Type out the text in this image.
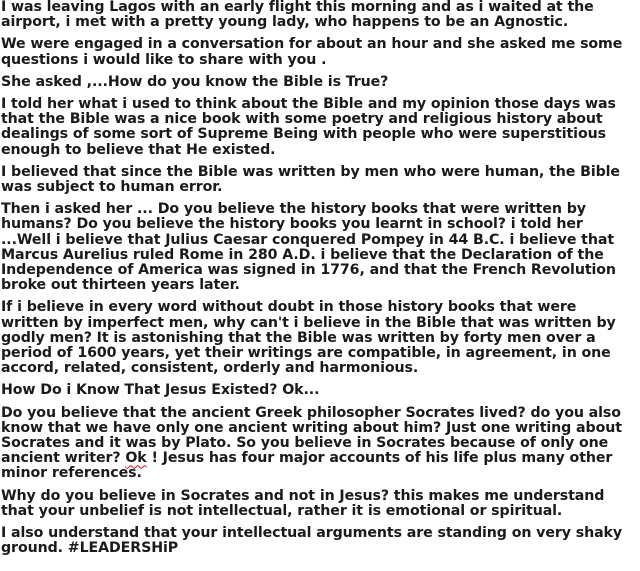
I was leaving Lagos with an early flight this morning and as i waited at the
airport, i met with a pretty young lady, who happens to be an Agnostic.

We were engaged in a conversation for about an hour and she asked me some
questions i would like to share with you .

She asked ,...How do you know the Bible is True?

I told her what i used to think about the Bible and my opinion those days was
that the Bible was a nice book with some poetry and religious history about
dealings of some sort of Supreme Being with people who were superstitious
enough to believe that He existed.

I believed that since the Bible was written by men who were human, the Bible
was subject to human error.

Then i asked her ... Do you believe the history books that were written by
humans? Do you believe the history books you learnt in school? i told her
...Well i believe that Julius Caesar conquered Pompey in 44 B.C. i believe that
Marcus Aurelius ruled Rome in 280 A.D. i believe that the Declaration of the
Independence of America was signed in 1776, and that the French Revolution
broke out thirteen years later.

If i believe in every word without doubt in those history books that were
written by imperfect men, why can't i believe in the Bible that was written by
godly men? It is astonishing that the Bible was written by forty men over a
period of 1600 years, yet their writings are compatible, in agreement, in one
accord, related, consistent, orderly and harmonious.

How Do i Know That Jesus Existed? Ok...

Do you believe that the ancient Greek philosopher Socrates lived? do you also
know that we have only one ancient writing about him? Just one writing about
Socrates and it was by Plato. So you believe in Socrates because of only one
ancient writer? Ok ! Jesus has four major accounts of his life plus many other
minor references.

Why do you believe in Socrates and not in Jesus? this makes me understand
that your unbelief is not intellectual, rather it is emotional or spiritual.

I also understand that your intellectual arguments are standing on very shaky
ground. #LEADERSHiP
